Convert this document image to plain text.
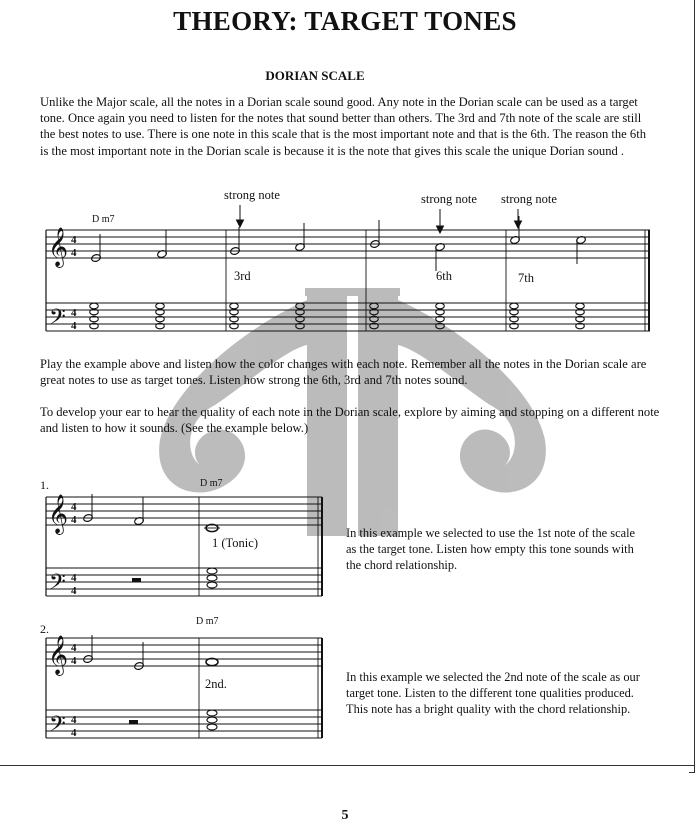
THEORY: TARGET TONES
DORIAN SCALE

Unlike the Major scale, all the notes in a Dorian scale sound good. Any note in the Dorian scale can be used as a target tone. Once again you need to listen for the notes that sound better than others. The 3rd and 7th note of the scale are still the best notes to use. There is one note in this scale that is the most important note and that is the 6th. The reason the 6th is the most important note in the Dorian scale is because it is the note that gives this scale the unique Dorian sound .

𝄞
𝄢
4
4
4
4
D m7
strong note	strong note strong note
3rd	6th	7th

Play the example above and listen how the color changes with each note. Remember all the notes in the Dorian scale are great notes to use as target tones. Listen how strong the 6th, 3rd and 7th notes sound.

To develop your ear to hear the quality of each note in the Dorian scale, explore by aiming and stopping on a different note and listen to how it sounds. (See the example below.)

1.	D m7
𝄞
𝄢
4
4
4
4
1 (Tonic)

In this example we selected to use the 1st note of the scale as the target tone. Listen how empty this tone sounds with the chord relationship.

2.
D m7
𝄞
𝄢
4
4
4
4
2nd.	In this example we selected the 2nd note of the scale as our target tone. Listen to the different tone qualities produced. This note has a bright quality with the chord relationship.

5
